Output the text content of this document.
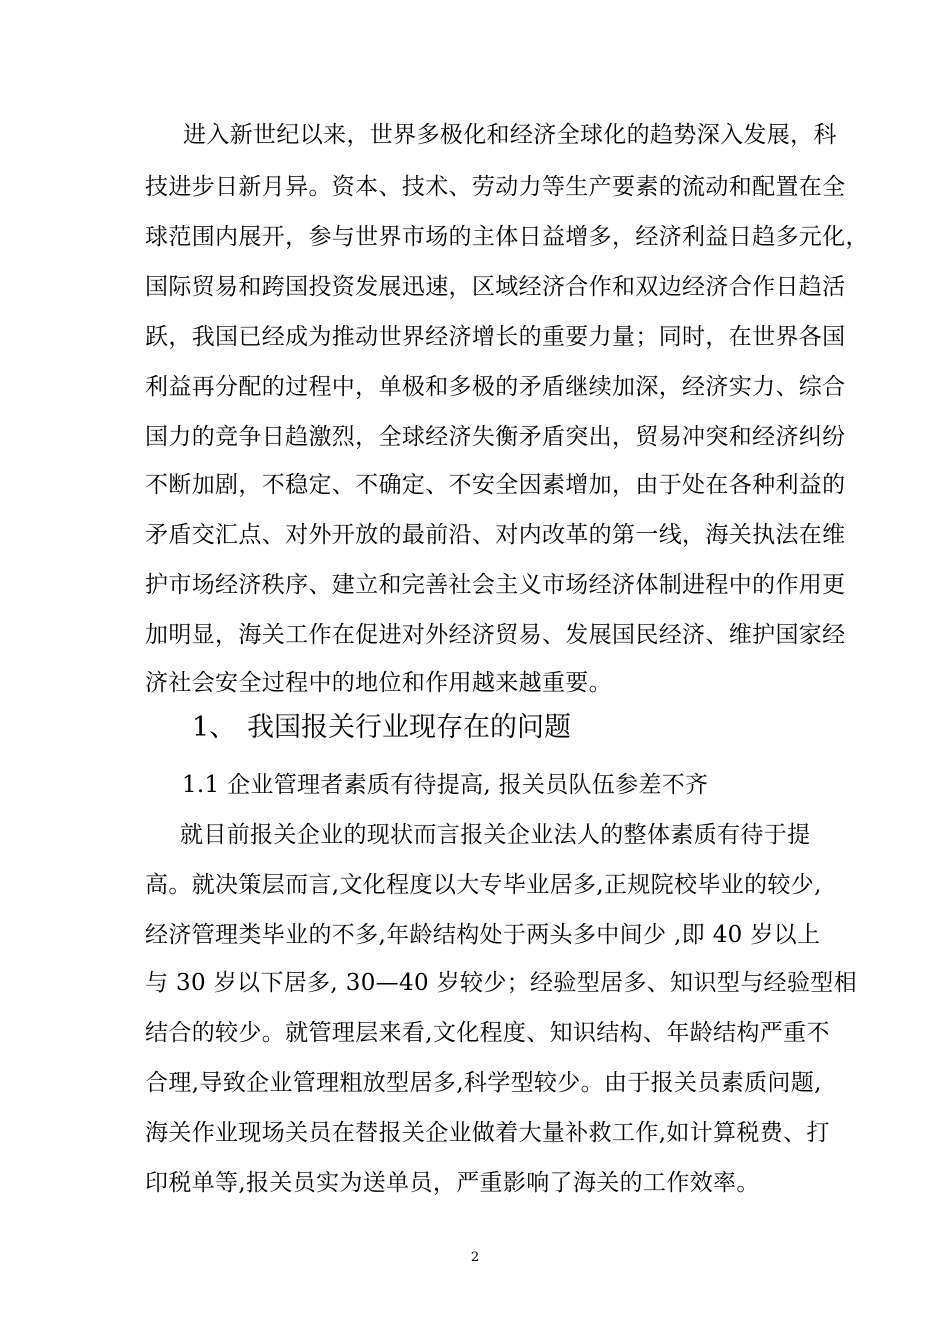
进入新世纪以来，世界多极化和经济全球化的趋势深入发展，科
技进步日新月异。资本、技术、劳动力等生产要素的流动和配置在全
球范围内展开，参与世界市场的主体日益增多，经济利益日趋多元化，
国际贸易和跨国投资发展迅速，区域经济合作和双边经济合作日趋活
跃，我国已经成为推动世界经济增长的重要力量；同时，在世界各国
利益再分配的过程中，单极和多极的矛盾继续加深，经济实力、综合
国力的竞争日趋激烈，全球经济失衡矛盾突出，贸易冲突和经济纠纷
不断加剧，不稳定、不确定、不安全因素增加，由于处在各种利益的
矛盾交汇点、对外开放的最前沿、对内改革的第一线，海关执法在维
护市场经济秩序、建立和完善社会主义市场经济体制进程中的作用更
加明显，海关工作在促进对外经济贸易、发展国民经济、维护国家经
济社会安全过程中的地位和作用越来越重要。
1、 我国报关行业现存在的问题
1.1 企业管理者素质有待提高, 报关员队伍参差不齐
就目前报关企业的现状而言报关企业法人的整体素质有待于提
高。就决策层而言,文化程度以大专毕业居多,正规院校毕业的较少,
经济管理类毕业的不多,年龄结构处于两头多中间少 ,即 40 岁以上
与 30 岁以下居多, 30—40 岁较少；经验型居多、知识型与经验型相
结合的较少。就管理层来看,文化程度、知识结构、年龄结构严重不
合理,导致企业管理粗放型居多,科学型较少。由于报关员素质问题,
海关作业现场关员在替报关企业做着大量补救工作,如计算税费、打
印税单等,报关员实为送单员，严重影响了海关的工作效率。
2
